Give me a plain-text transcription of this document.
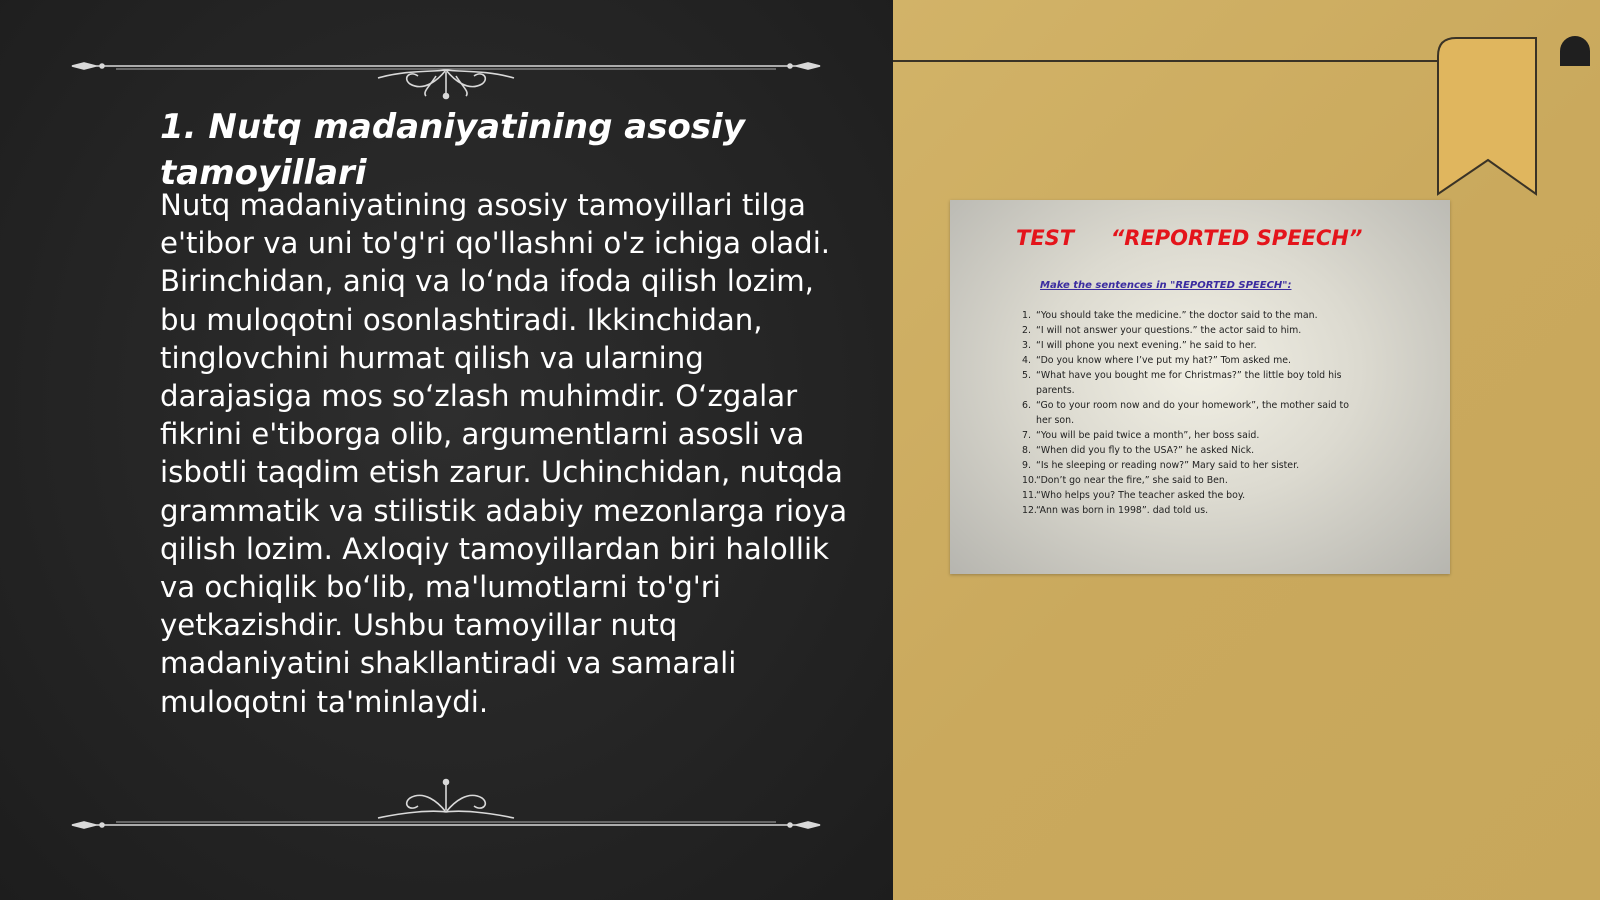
1. Nutq madaniyatining asosiy tamoyillari

Nutq madaniyatining asosiy tamoyillari tilga e'tibor va uni to'g'ri qo'llashni o'z ichiga oladi. Birinchidan, aniq va loʻnda ifoda qilish lozim, bu muloqotni osonlashtiradi. Ikkinchidan, tinglovchini hurmat qilish va ularning darajasiga mos soʻzlash muhimdir. Oʻzgalar fikrini e'tiborga olib, argumentlarni asosli va isbotli taqdim etish zarur. Uchinchidan, nutqda grammatik va stilistik adabiy mezonlarga rioya qilish lozim. Axloqiy tamoyillardan biri halollik va ochiqlik boʻlib, ma'lumotlarni to'g'ri yetkazishdir. Ushbu tamoyillar nutq madaniyatini shakllantiradi va samarali muloqotni ta'minlaydi.

TEST “REPORTED SPEECH”
Make the sentences in "REPORTED SPEECH":
1. “You should take the medicine.” the doctor said to the man.
2. “I will not answer your questions.” the actor said to him.
3. “I will phone you next evening.” he said to her.
4. “Do you know where I’ve put my hat?” Tom asked me.
5. “What have you bought me for Christmas?” the little boy told his parents.
6. “Go to your room now and do your homework”, the mother said to her son.
7. “You will be paid twice a month”, her boss said.
8. “When did you fly to the USA?” he asked Nick.
9. “Is he sleeping or reading now?” Mary said to her sister.
10. “Don’t go near the fire,” she said to Ben.
11. “Who helps you? The teacher asked the boy.
12. “Ann was born in 1998”. dad told us.
